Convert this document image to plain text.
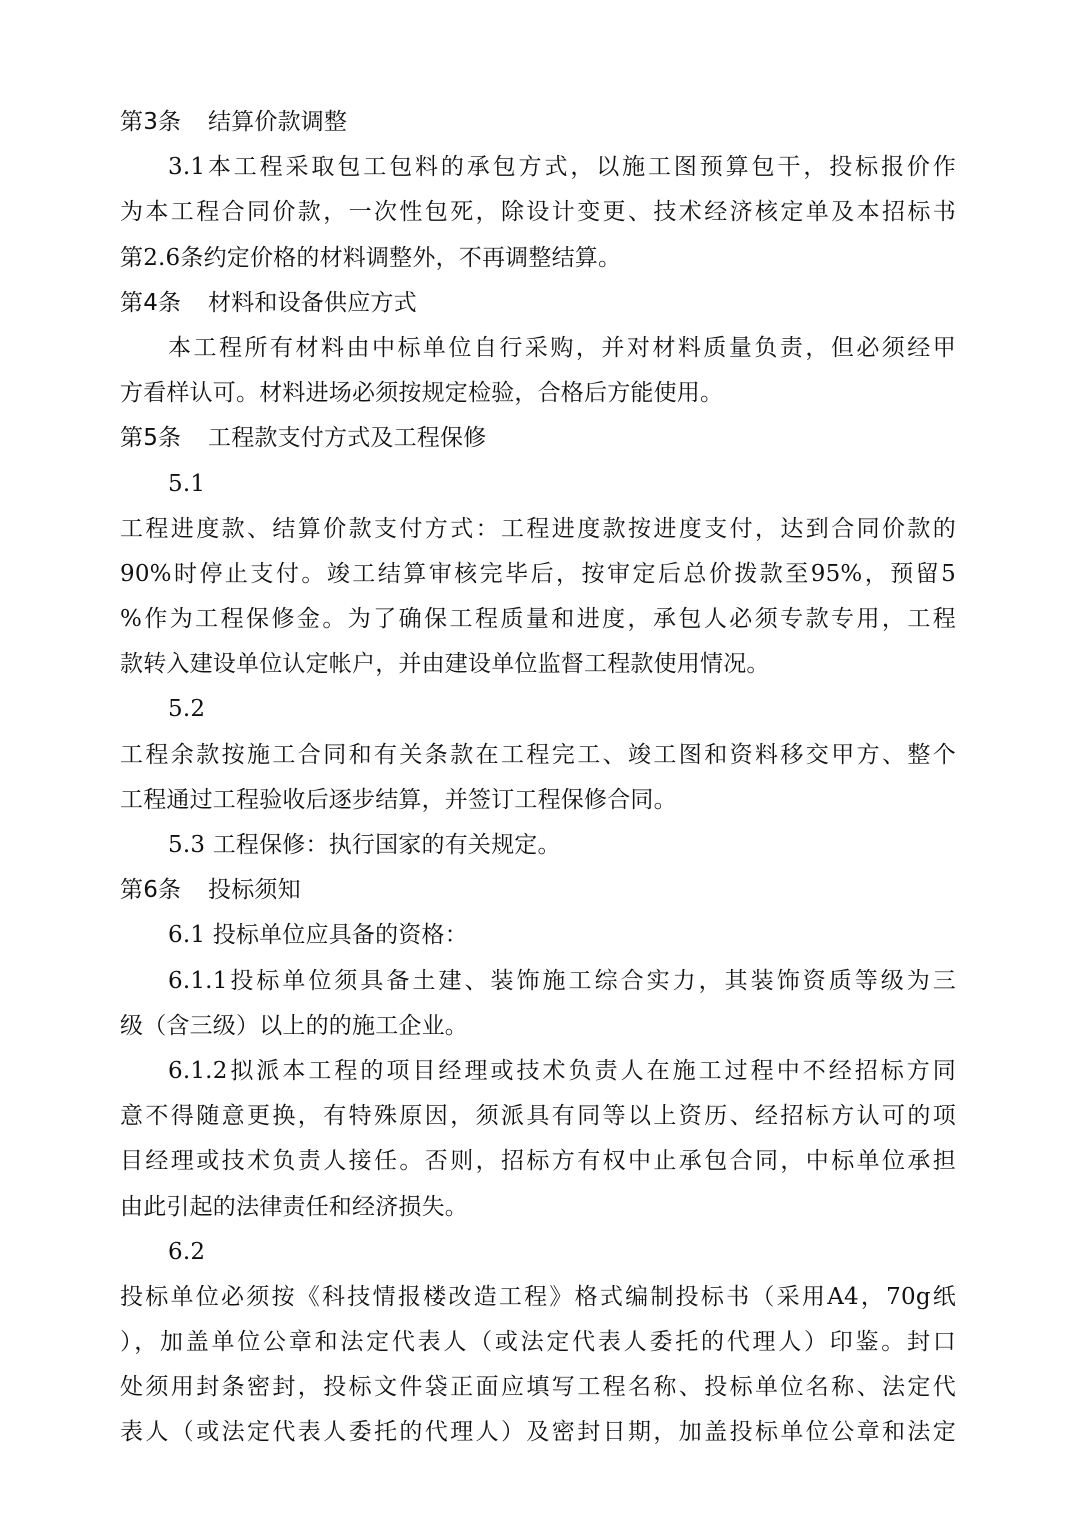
第3条 结算价款调整
3.1本工程采取包工包料的承包方式，以施工图预算包干，投标报价作
为本工程合同价款，一次性包死，除设计变更、技术经济核定单及本招标书
第2.6条约定价格的材料调整外，不再调整结算。
第4条 材料和设备供应方式
本工程所有材料由中标单位自行采购，并对材料质量负责，但必须经甲
方看样认可。材料进场必须按规定检验，合格后方能使用。
第5条 工程款支付方式及工程保修
5.1
工程进度款、结算价款支付方式：工程进度款按进度支付，达到合同价款的
90%时停止支付。竣工结算审核完毕后，按审定后总价拨款至95%，预留5
%作为工程保修金。为了确保工程质量和进度，承包人必须专款专用，工程
款转入建设单位认定帐户，并由建设单位监督工程款使用情况。
5.2
工程余款按施工合同和有关条款在工程完工、竣工图和资料移交甲方、整个
工程通过工程验收后逐步结算，并签订工程保修合同。
5.3 工程保修：执行国家的有关规定。
第6条 投标须知
6.1 投标单位应具备的资格：
6.1.1投标单位须具备土建、装饰施工综合实力，其装饰资质等级为三
级（含三级）以上的的施工企业。
6.1.2拟派本工程的项目经理或技术负责人在施工过程中不经招标方同
意不得随意更换，有特殊原因，须派具有同等以上资历、经招标方认可的项
目经理或技术负责人接任。否则，招标方有权中止承包合同，中标单位承担
由此引起的法律责任和经济损失。
6.2
投标单位必须按《科技情报楼改造工程》格式编制投标书（采用A4，70g纸
），加盖单位公章和法定代表人（或法定代表人委托的代理人）印鉴。封口
处须用封条密封，投标文件袋正面应填写工程名称、投标单位名称、法定代
表人（或法定代表人委托的代理人）及密封日期，加盖投标单位公章和法定
